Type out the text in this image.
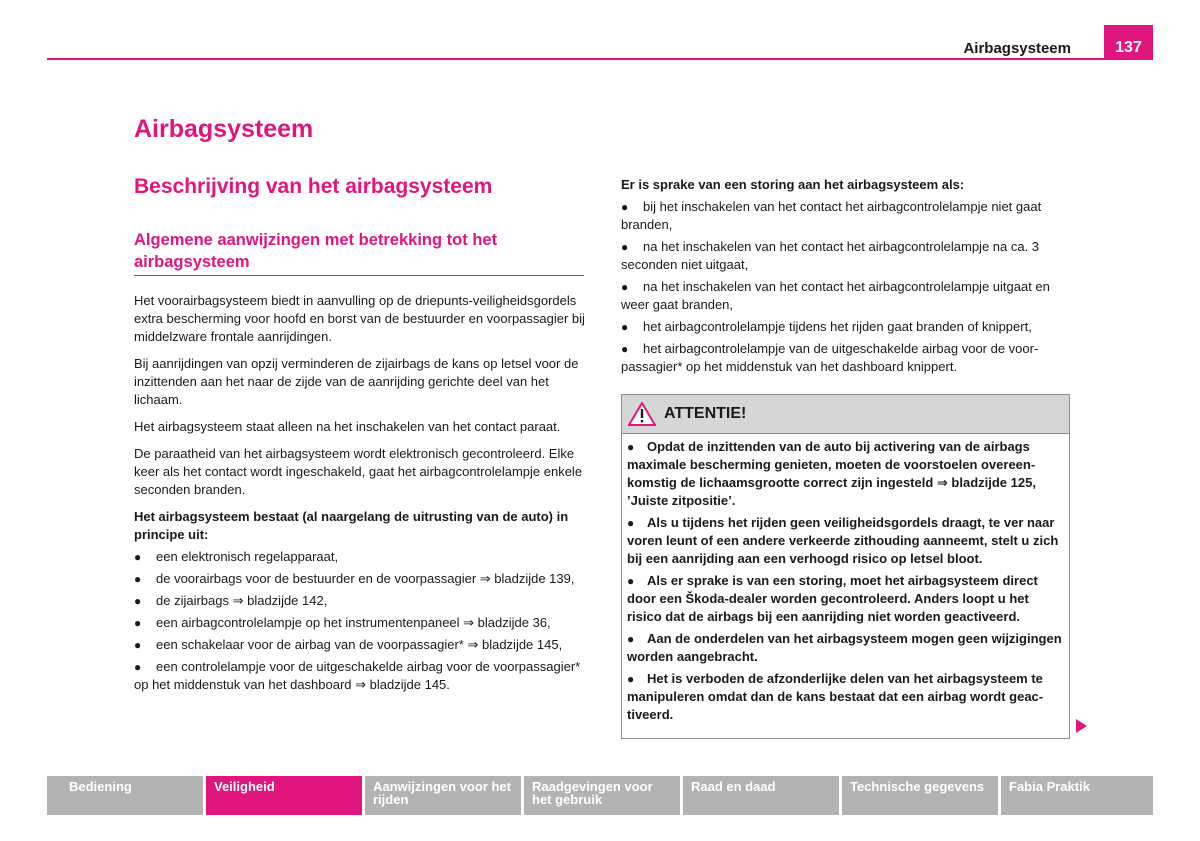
Airbagsysteem	137
Airbagsysteem
Beschrijving van het airbagsysteem
Algemene aanwijzingen met betrekking tot het airbagsysteem

Het voorairbagsysteem biedt in aanvulling op de driepunts-veiligheidsgordels extra bescherming voor hoofd en borst van de bestuurder en voorpassagier bij middelzware frontale aanrijdingen.

Bij aanrijdingen van opzij verminderen de zijairbags de kans op letsel voor de inzittenden aan het naar de zijde van de aanrijding gerichte deel van het lichaam.

Het airbagsysteem staat alleen na het inschakelen van het contact paraat.

De paraatheid van het airbagsysteem wordt elektronisch gecontroleerd. Elke keer als het contact wordt ingeschakeld, gaat het airbagcontrolelampje enkele seconden branden.

Het airbagsysteem bestaat (al naargelang de uitrusting van de auto) in principe uit:

● een elektronisch regelapparaat,
● de voorairbags voor de bestuurder en de voorpassagier ⇒ bladzijde 139,
● de zijairbags ⇒ bladzijde 142,
● een airbagcontrolelampje op het instrumentenpaneel ⇒ bladzijde 36,
● een schakelaar voor de airbag van de voorpassagier* ⇒ bladzijde 145,
● een controlelampje voor de uitgeschakelde airbag voor de voorpassagier* op het middenstuk van het dashboard ⇒ bladzijde 145.

Er is sprake van een storing aan het airbagsysteem als:

● bij het inschakelen van het contact het airbagcontrolelampje niet gaat branden,
● na het inschakelen van het contact het airbagcontrolelampje na ca. 3 seconden niet uitgaat,
● na het inschakelen van het contact het airbagcontrolelampje uitgaat en weer gaat branden,
● het airbagcontrolelampje tijdens het rijden gaat branden of knippert,
● het airbagcontrolelampje van de uitgeschakelde airbag voor de voorpassagier* op het middenstuk van het dashboard knippert.
ATTENTIE!
● Opdat de inzittenden van de auto bij activering van de airbags maximale bescherming genieten, moeten de voorstoelen overeenkomstig de lichaamsgrootte correct zijn ingesteld ⇒ bladzijde 125, ’Juiste zitpositie’.
● Als u tijdens het rijden geen veiligheidsgordels draagt, te ver naar voren leunt of een andere verkeerde zithouding aanneemt, stelt u zich bij een aanrijding aan een verhoogd risico op letsel bloot.
● Als er sprake is van een storing, moet het airbagsysteem direct door een Škoda-dealer worden gecontroleerd. Anders loopt u het risico dat de airbags bij een aanrijding niet worden geactiveerd.
● Aan de onderdelen van het airbagsysteem mogen geen wijzigingen worden aangebracht.
● Het is verboden de afzonderlijke delen van het airbagsysteem te manipuleren omdat dan de kans bestaat dat een airbag wordt geactiveerd.
Bediening	Veiligheid	Aanwijzingen voor het rijden
Raadgevingen voor het gebruik
Raad en daad	Technische gegevens	Fabia Praktik
